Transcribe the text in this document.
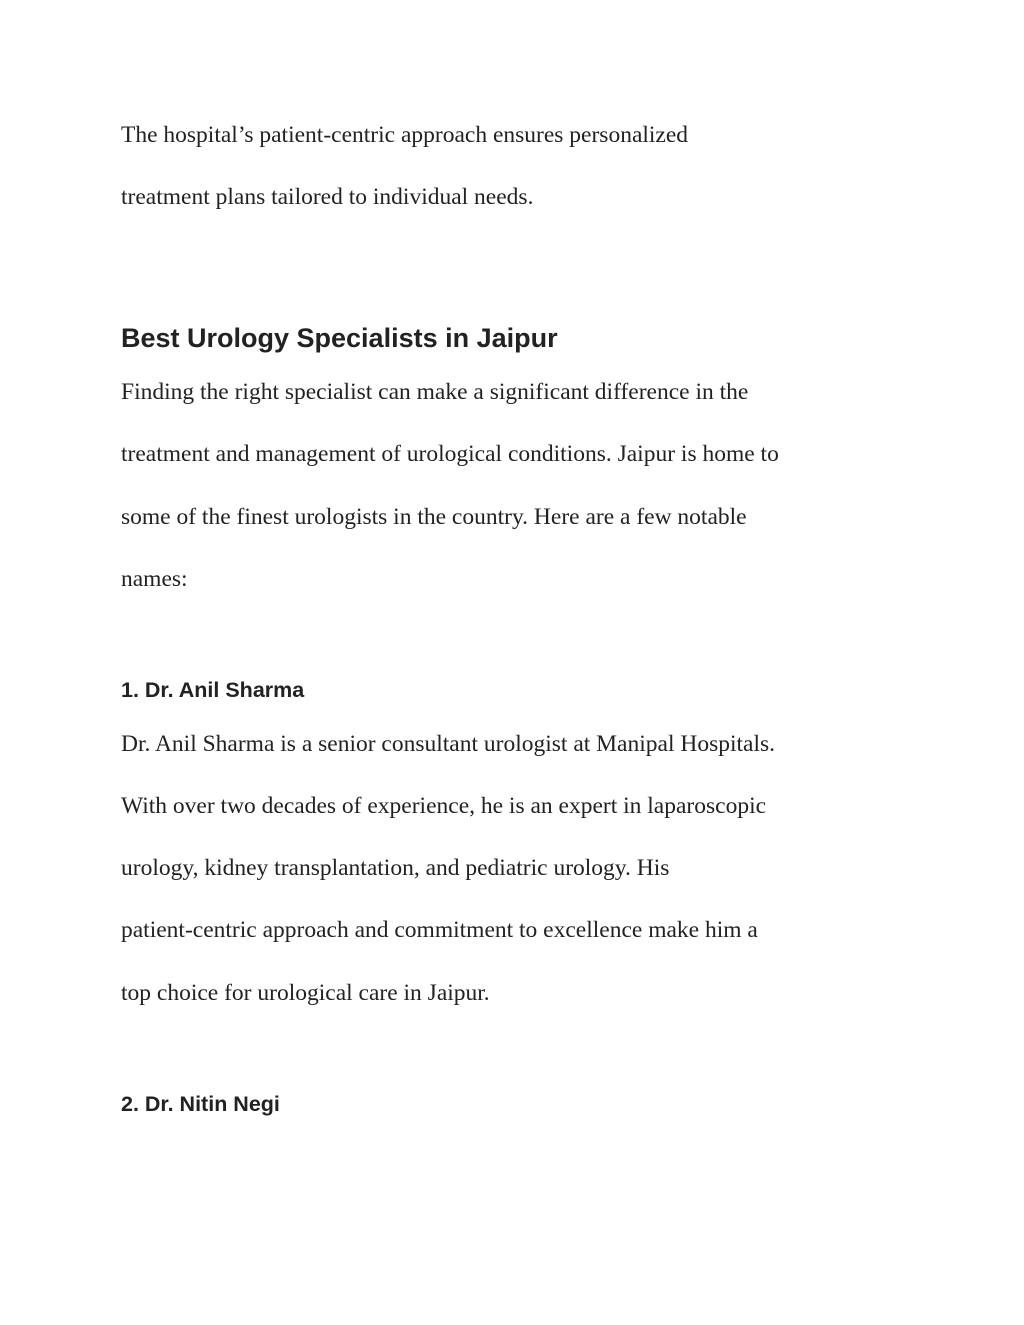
The hospital’s patient-centric approach ensures personalized

treatment plans tailored to individual needs.

Best Urology Specialists in Jaipur

Finding the right specialist can make a significant difference in the

treatment and management of urological conditions. Jaipur is home to

some of the finest urologists in the country. Here are a few notable

names:

1. Dr. Anil Sharma

Dr. Anil Sharma is a senior consultant urologist at Manipal Hospitals.

With over two decades of experience, he is an expert in laparoscopic

urology, kidney transplantation, and pediatric urology. His

patient-centric approach and commitment to excellence make him a

top choice for urological care in Jaipur.

2. Dr. Nitin Negi
